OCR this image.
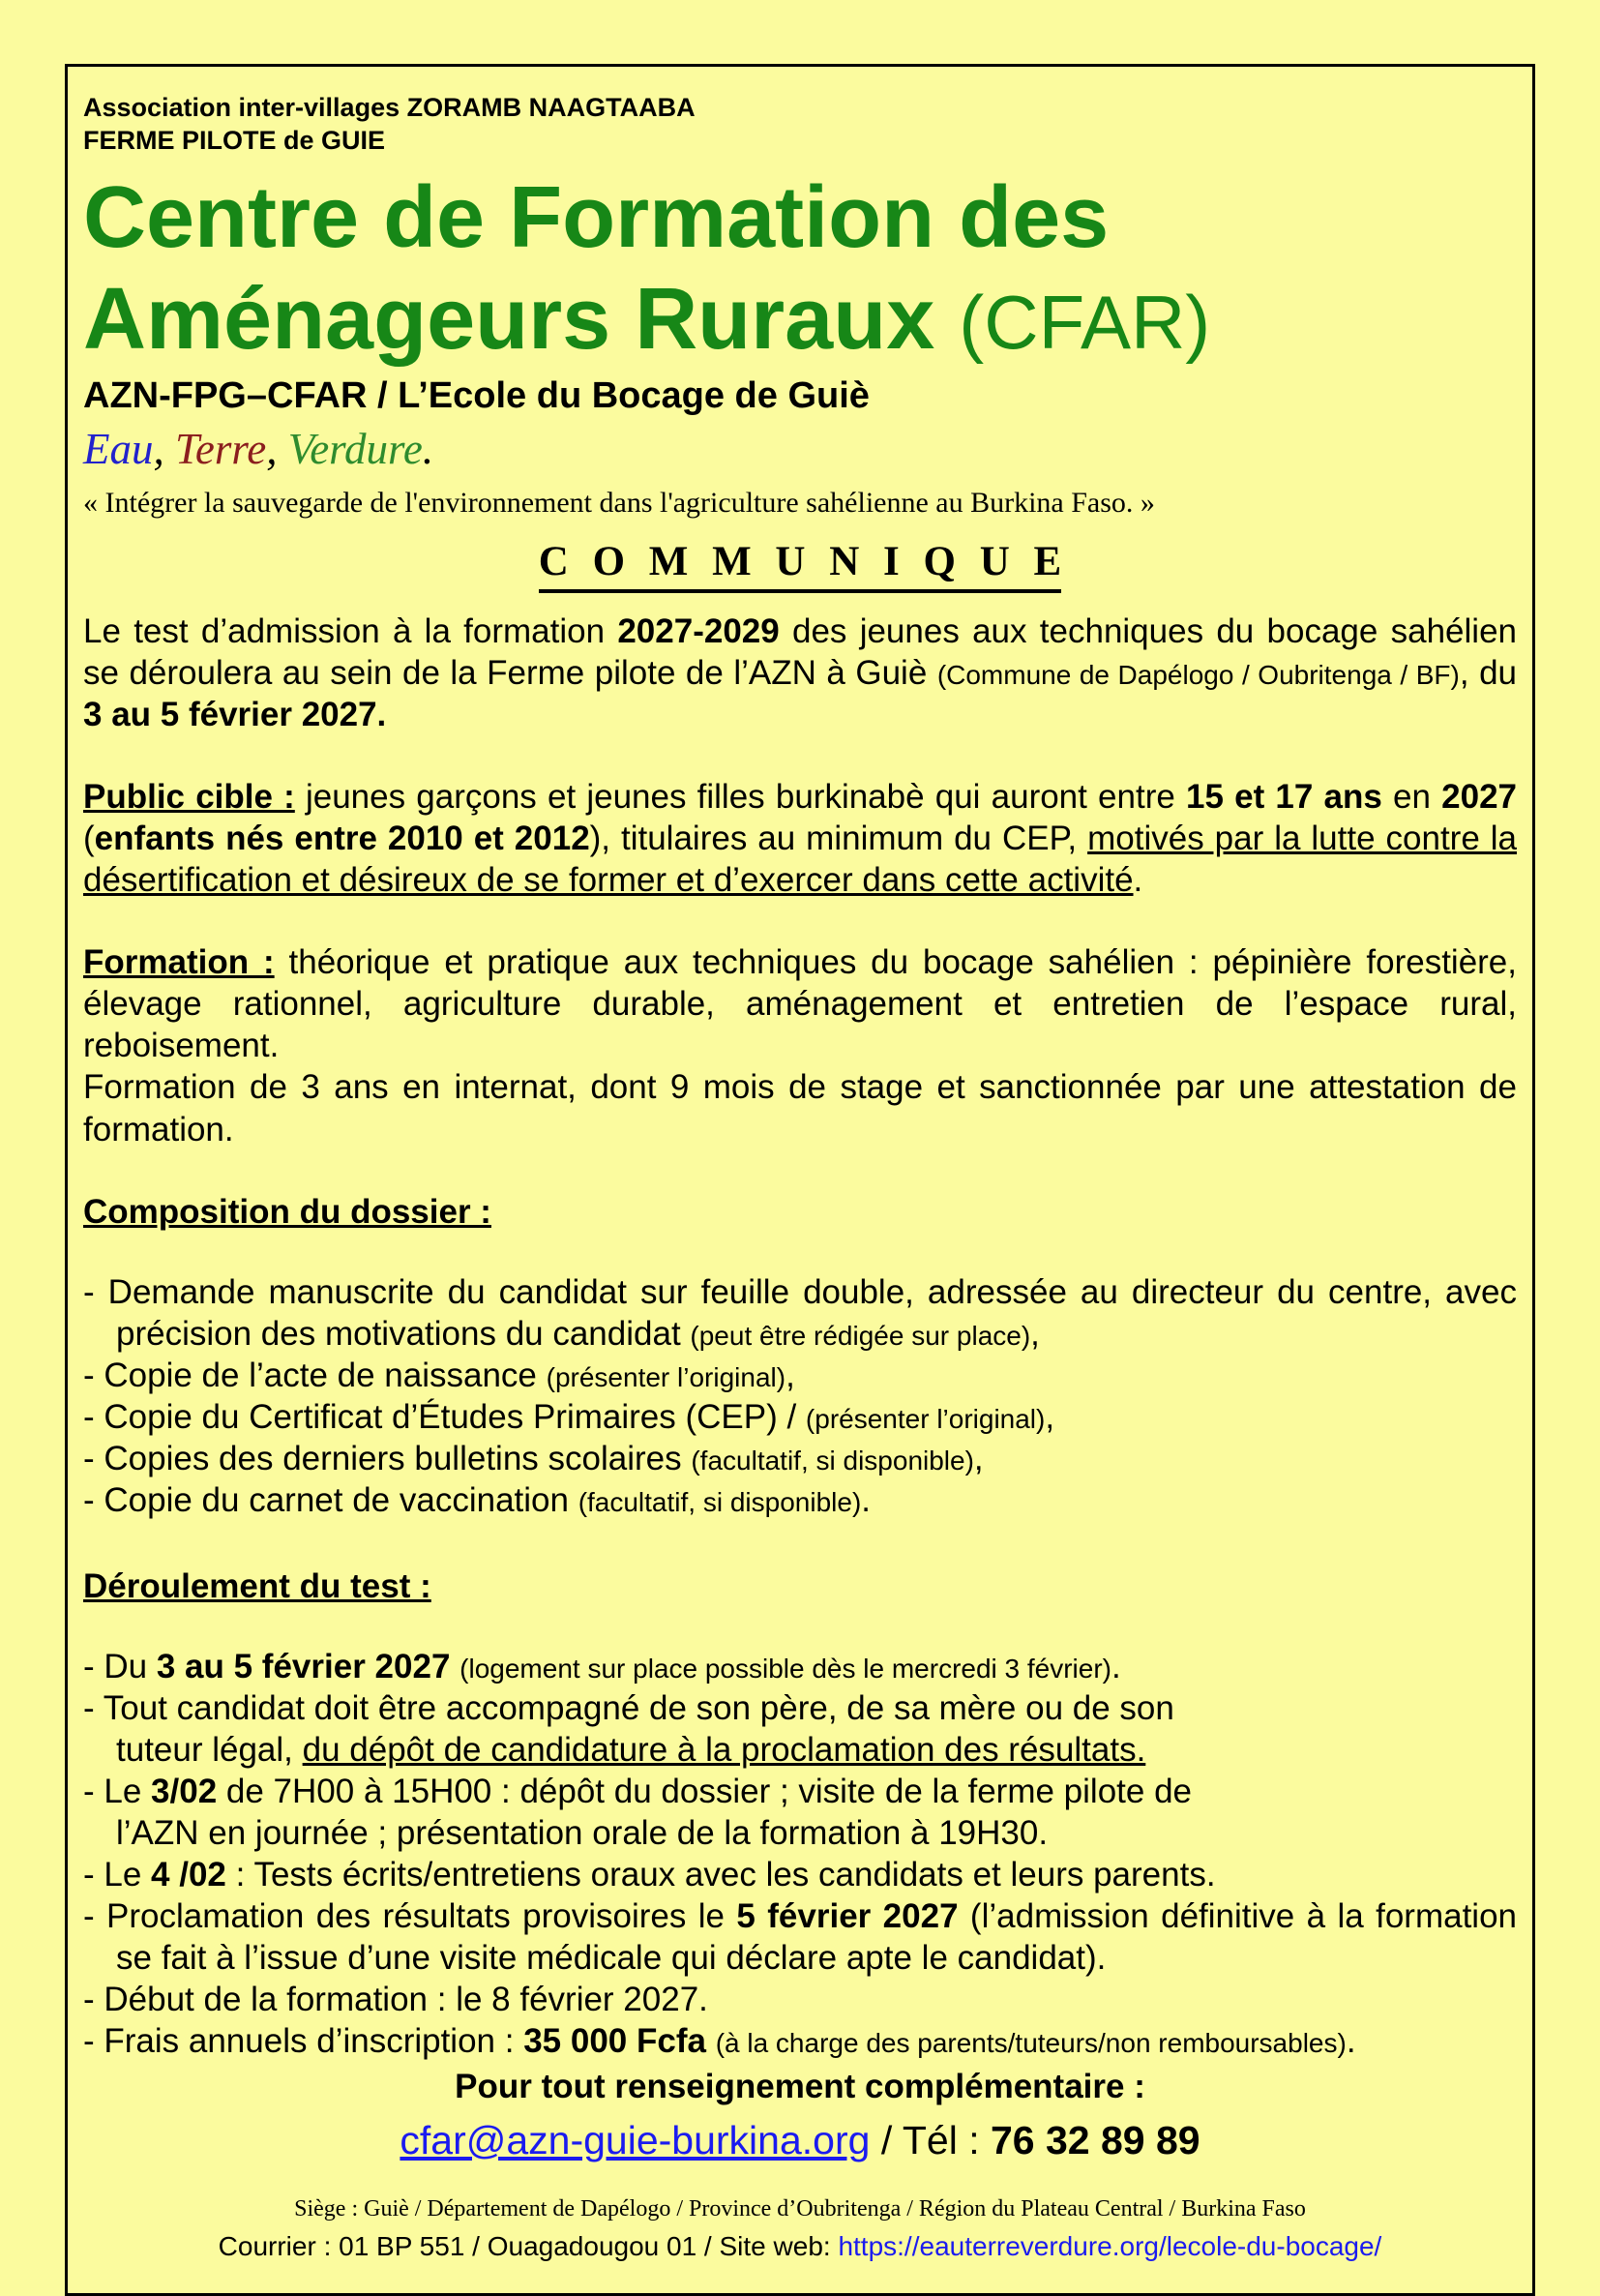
Association inter-villages ZORAMB NAAGTAABA
FERME PILOTE de GUIE
Centre de Formation des
Aménageurs Ruraux (CFAR)
AZN-FPG–CFAR / L’Ecole du Bocage de Guiè
Eau, Terre, Verdure.
« Intégrer la sauvegarde de l'environnement dans l'agriculture sahélienne au Burkina Faso. »
C O M M U N I Q U E

Le test d’admission à la formation 2027-2029 des jeunes aux techniques du bocage sahélien se déroulera au sein de la Ferme pilote de l’AZN à Guiè (Commune de Dapélogo / Oubritenga / BF), du 3 au 5 février 2027.

Public cible : jeunes garçons et jeunes filles burkinabè qui auront entre 15 et 17 ans en 2027 (enfants nés entre 2010 et 2012), titulaires au minimum du CEP, motivés par la lutte contre la désertification et désireux de se former et d’exercer dans cette activité.

Formation : théorique et pratique aux techniques du bocage sahélien : pépinière forestière, élevage rationnel, agriculture durable, aménagement et entretien de l’espace rural, reboisement.
Formation de 3 ans en internat, dont 9 mois de stage et sanctionnée par une attestation de formation.

Composition du dossier :
- Demande manuscrite du candidat sur feuille double, adressée au directeur du centre, avec précision des motivations du candidat (peut être rédigée sur place),
- Copie de l’acte de naissance (présenter l’original),
- Copie du Certificat d’Études Primaires (CEP) / (présenter l’original),
- Copies des derniers bulletins scolaires (facultatif, si disponible),
- Copie du carnet de vaccination (facultatif, si disponible).
Déroulement du test :
- Du 3 au 5 février 2027 (logement sur place possible dès le mercredi 3 février).
- Tout candidat doit être accompagné de son père, de sa mère ou de son
tuteur légal, du dépôt de candidature à la proclamation des résultats.
- Le 3/02 de 7H00 à 15H00 : dépôt du dossier ; visite de la ferme pilote de
l’AZN en journée ; présentation orale de la formation à 19H30.
- Le 4 /02 : Tests écrits/entretiens oraux avec les candidats et leurs parents.
- Proclamation des résultats provisoires le 5 février 2027 (l’admission définitive à la formation se fait à l’issue d’une visite médicale qui déclare apte le candidat).
- Début de la formation : le 8 février 2027.
- Frais annuels d’inscription : 35 000 Fcfa (à la charge des parents/tuteurs/non remboursables).
Pour tout renseignement complémentaire :
cfar@azn-guie-burkina.org / Tél : 76 32 89 89
Siège : Guiè / Département de Dapélogo / Province d’Oubritenga / Région du Plateau Central / Burkina Faso
Courrier : 01 BP 551 / Ouagadougou 01 / Site web: https://eauterreverdure.org/lecole-du-bocage/
